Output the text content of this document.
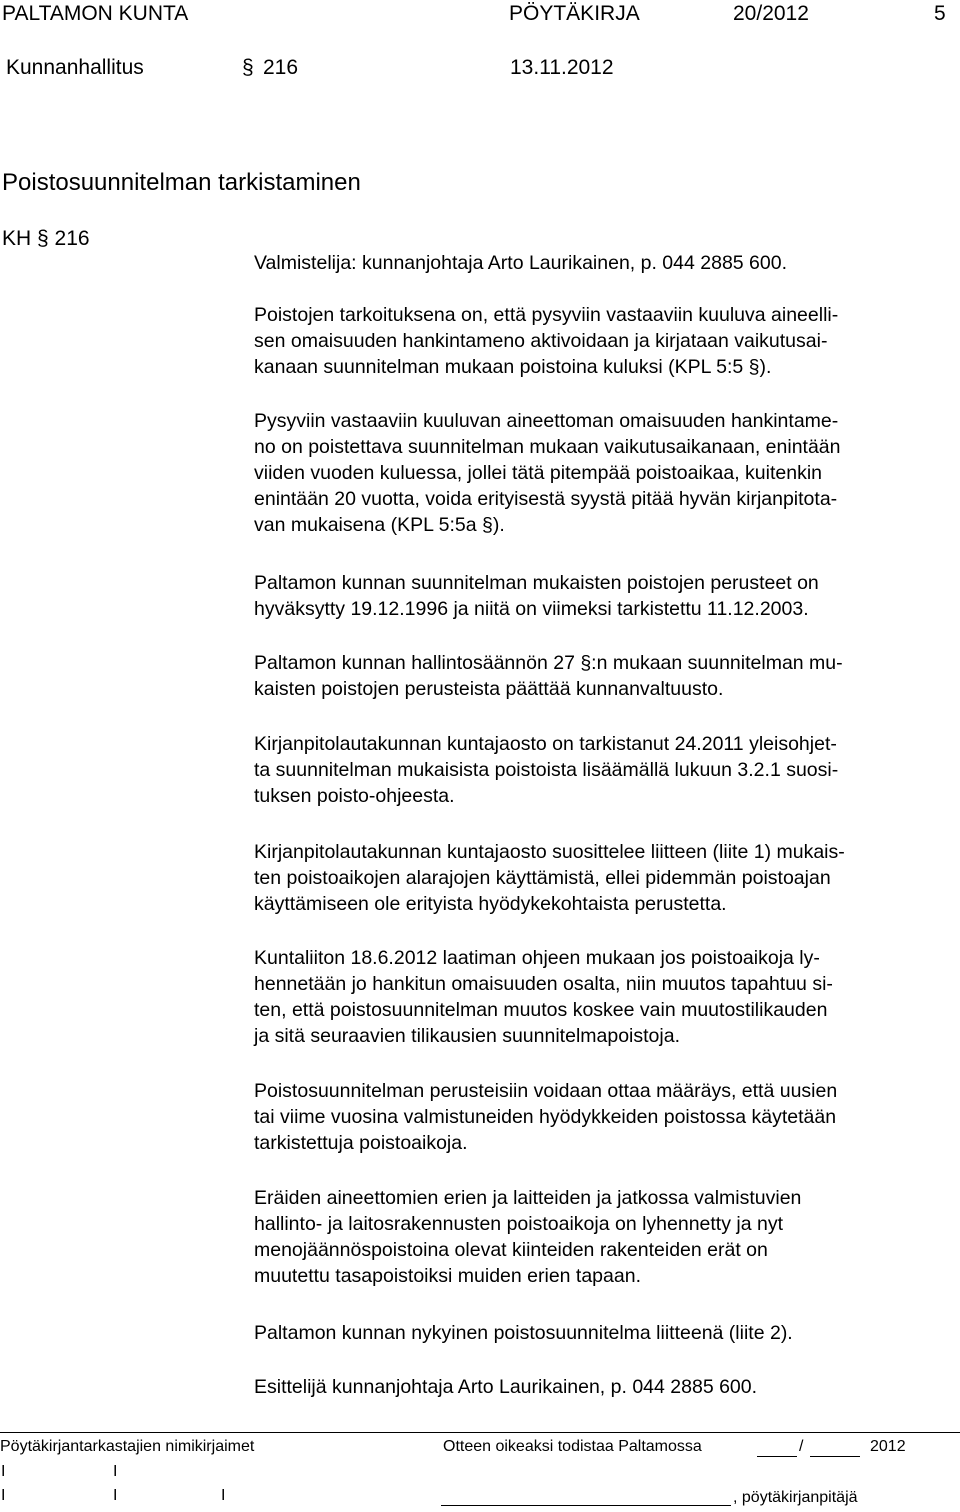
PALTAMON KUNTA	PÖYTÄKIRJA	20/2012	5
Kunnanhallitus	§ 216	13.11.2012
Poistosuunnitelman tarkistaminen
KH § 216

Valmistelija: kunnanjohtaja Arto Laurikainen, p. 044 2885 600.

Poistojen tarkoituksena on, että pysyviin vastaaviin kuuluva aineelli-
sen omaisuuden hankintameno aktivoidaan ja kirjataan vaikutusai-
kanaan suunnitelman mukaan poistoina kuluksi (KPL 5:5 §).

Pysyviin vastaaviin kuuluvan aineettoman omaisuuden hankintame-
no on poistettava suunnitelman mukaan vaikutusaikanaan, enintään
viiden vuoden kuluessa, jollei tätä pitempää poistoaikaa, kuitenkin
enintään 20 vuotta, voida erityisestä syystä pitää hyvän kirjanpitota-
van mukaisena (KPL 5:5a §).

Paltamon kunnan suunnitelman mukaisten poistojen perusteet on
hyväksytty 19.12.1996 ja niitä on viimeksi tarkistettu 11.12.2003.

Paltamon kunnan hallintosäännön 27 §:n mukaan suunnitelman mu-
kaisten poistojen perusteista päättää kunnanvaltuusto.

Kirjanpitolautakunnan kuntajaosto on tarkistanut 24.2011 yleisohjet-
ta suunnitelman mukaisista poistoista lisäämällä lukuun 3.2.1 suosi-
tuksen poisto-ohjeesta.

Kirjanpitolautakunnan kuntajaosto suosittelee liitteen (liite 1) mukais-
ten poistoaikojen alarajojen käyttämistä, ellei pidemmän poistoajan
käyttämiseen ole erityista hyödykekohtaista perustetta.

Kuntaliiton 18.6.2012 laatiman ohjeen mukaan jos poistoaikoja ly-
hennetään jo hankitun omaisuuden osalta, niin muutos tapahtuu si-
ten, että poistosuunnitelman muutos koskee vain muutostilikauden
ja sitä seuraavien tilikausien suunnitelmapoistoja.

Poistosuunnitelman perusteisiin voidaan ottaa määräys, että uusien
tai viime vuosina valmistuneiden hyödykkeiden poistossa käytetään
tarkistettuja poistoaikoja.

Eräiden aineettomien erien ja laitteiden ja jatkossa valmistuvien
hallinto- ja laitosrakennusten poistoaikoja on lyhennetty ja nyt
menojäännöspoistoina olevat kiinteiden rakenteiden erät on
muutettu tasapoistoiksi muiden erien tapaan.

Paltamon kunnan nykyinen poistosuunnitelma liitteenä (liite 2).

Esittelijä kunnanjohtaja Arto Laurikainen, p. 044 2885 600.

Pöytäkirjantarkastajien nimikirjaimet	Otteen oikeaksi todistaa Paltamossa	/	2012
I	I
I	I	I	, pöytäkirjanpitäjä
